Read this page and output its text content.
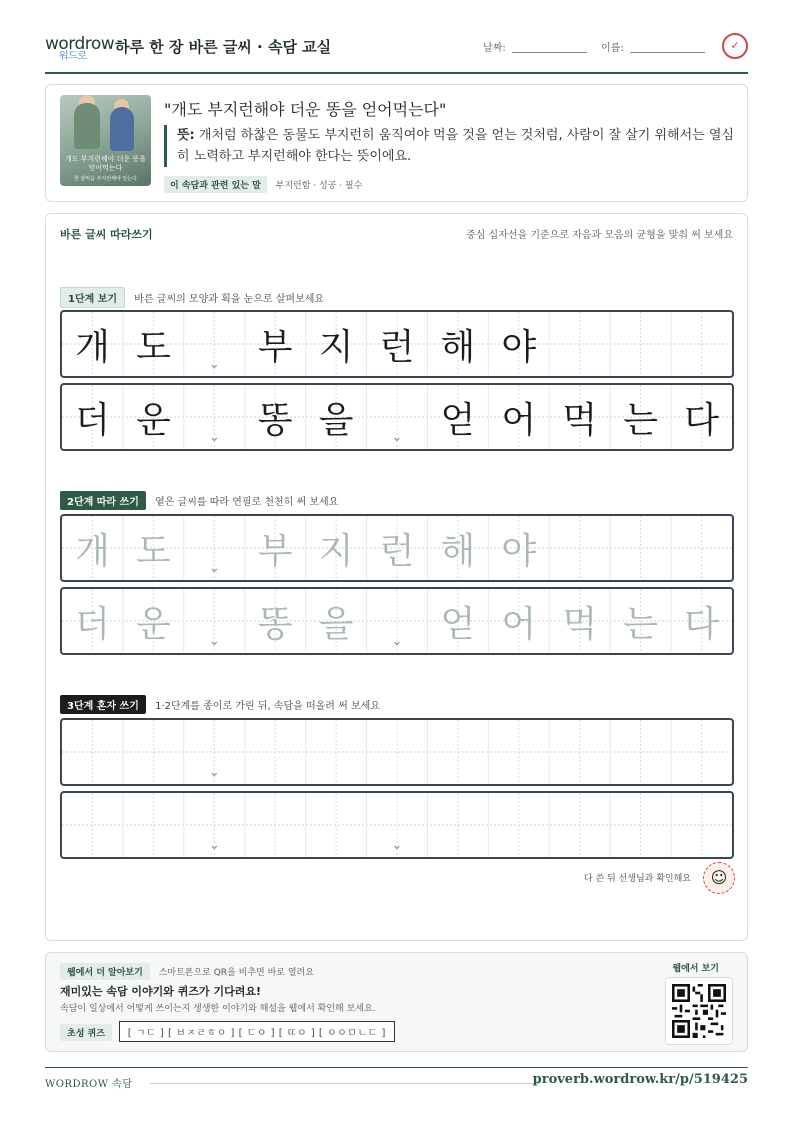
wordrow
워드로
하루 한 장 바른 글씨 · 속담 교실	날짜:	이름:	✓
개도 부지런해야 더운 똥을 얻어먹는다
한 끝마음 부지런해야 얻는다
"개도 부지런해야 더운 똥을 얻어먹는다"
뜻: 개처럼 하찮은 동물도 부지런히 움직여야 먹을 것을 얻는 것처럼, 사람이 잘 살기 위해서는 열심히 노력하고 부지런해야 한다는 뜻이에요.
이 속담과 관련 있는 말 부지런함 · 성공 · 필수
바른 글씨 따라쓰기	중심 십자선을 기준으로 자음과 모음의 균형을 맞춰 써 보세요
1단계 보기 바른 글씨의 모양과 획을 눈으로 살펴보세요
개 도	⌄ 부 지 런 해 야
더 운	⌄ 똥 을	⌄ 얻 어 먹 는 다
2단계 따라 쓰기 옅은 글씨를 따라 연필로 천천히 써 보세요
개 도	⌄ 부 지 런 해 야
더 운	⌄ 똥 을	⌄ 얻 어 먹 는 다
3단계 혼자 쓰기 1·2단계를 종이로 가린 뒤, 속담을 떠올려 써 보세요
⌄
⌄	⌄
다 쓴 뒤 선생님과 확인해요	☺
웹에서 더 알아보기 스마트폰으로 QR을 비추면 바로 열려요
재미있는 속담 이야기와 퀴즈가 기다려요!
속담이 일상에서 어떻게 쓰이는지 생생한 이야기와 해설을 웹에서 확인해 보세요.
초성 퀴즈 [ ㄱㄷ ] [ ㅂㅈㄹㅎㅇ ] [ ㄷㅇ ] [ ㄸㅇ ] [ ㅇㅇㅁㄴㄷ ]
웹에서 보기
WORDROW 속담	proverb.wordrow.kr/p/519425
